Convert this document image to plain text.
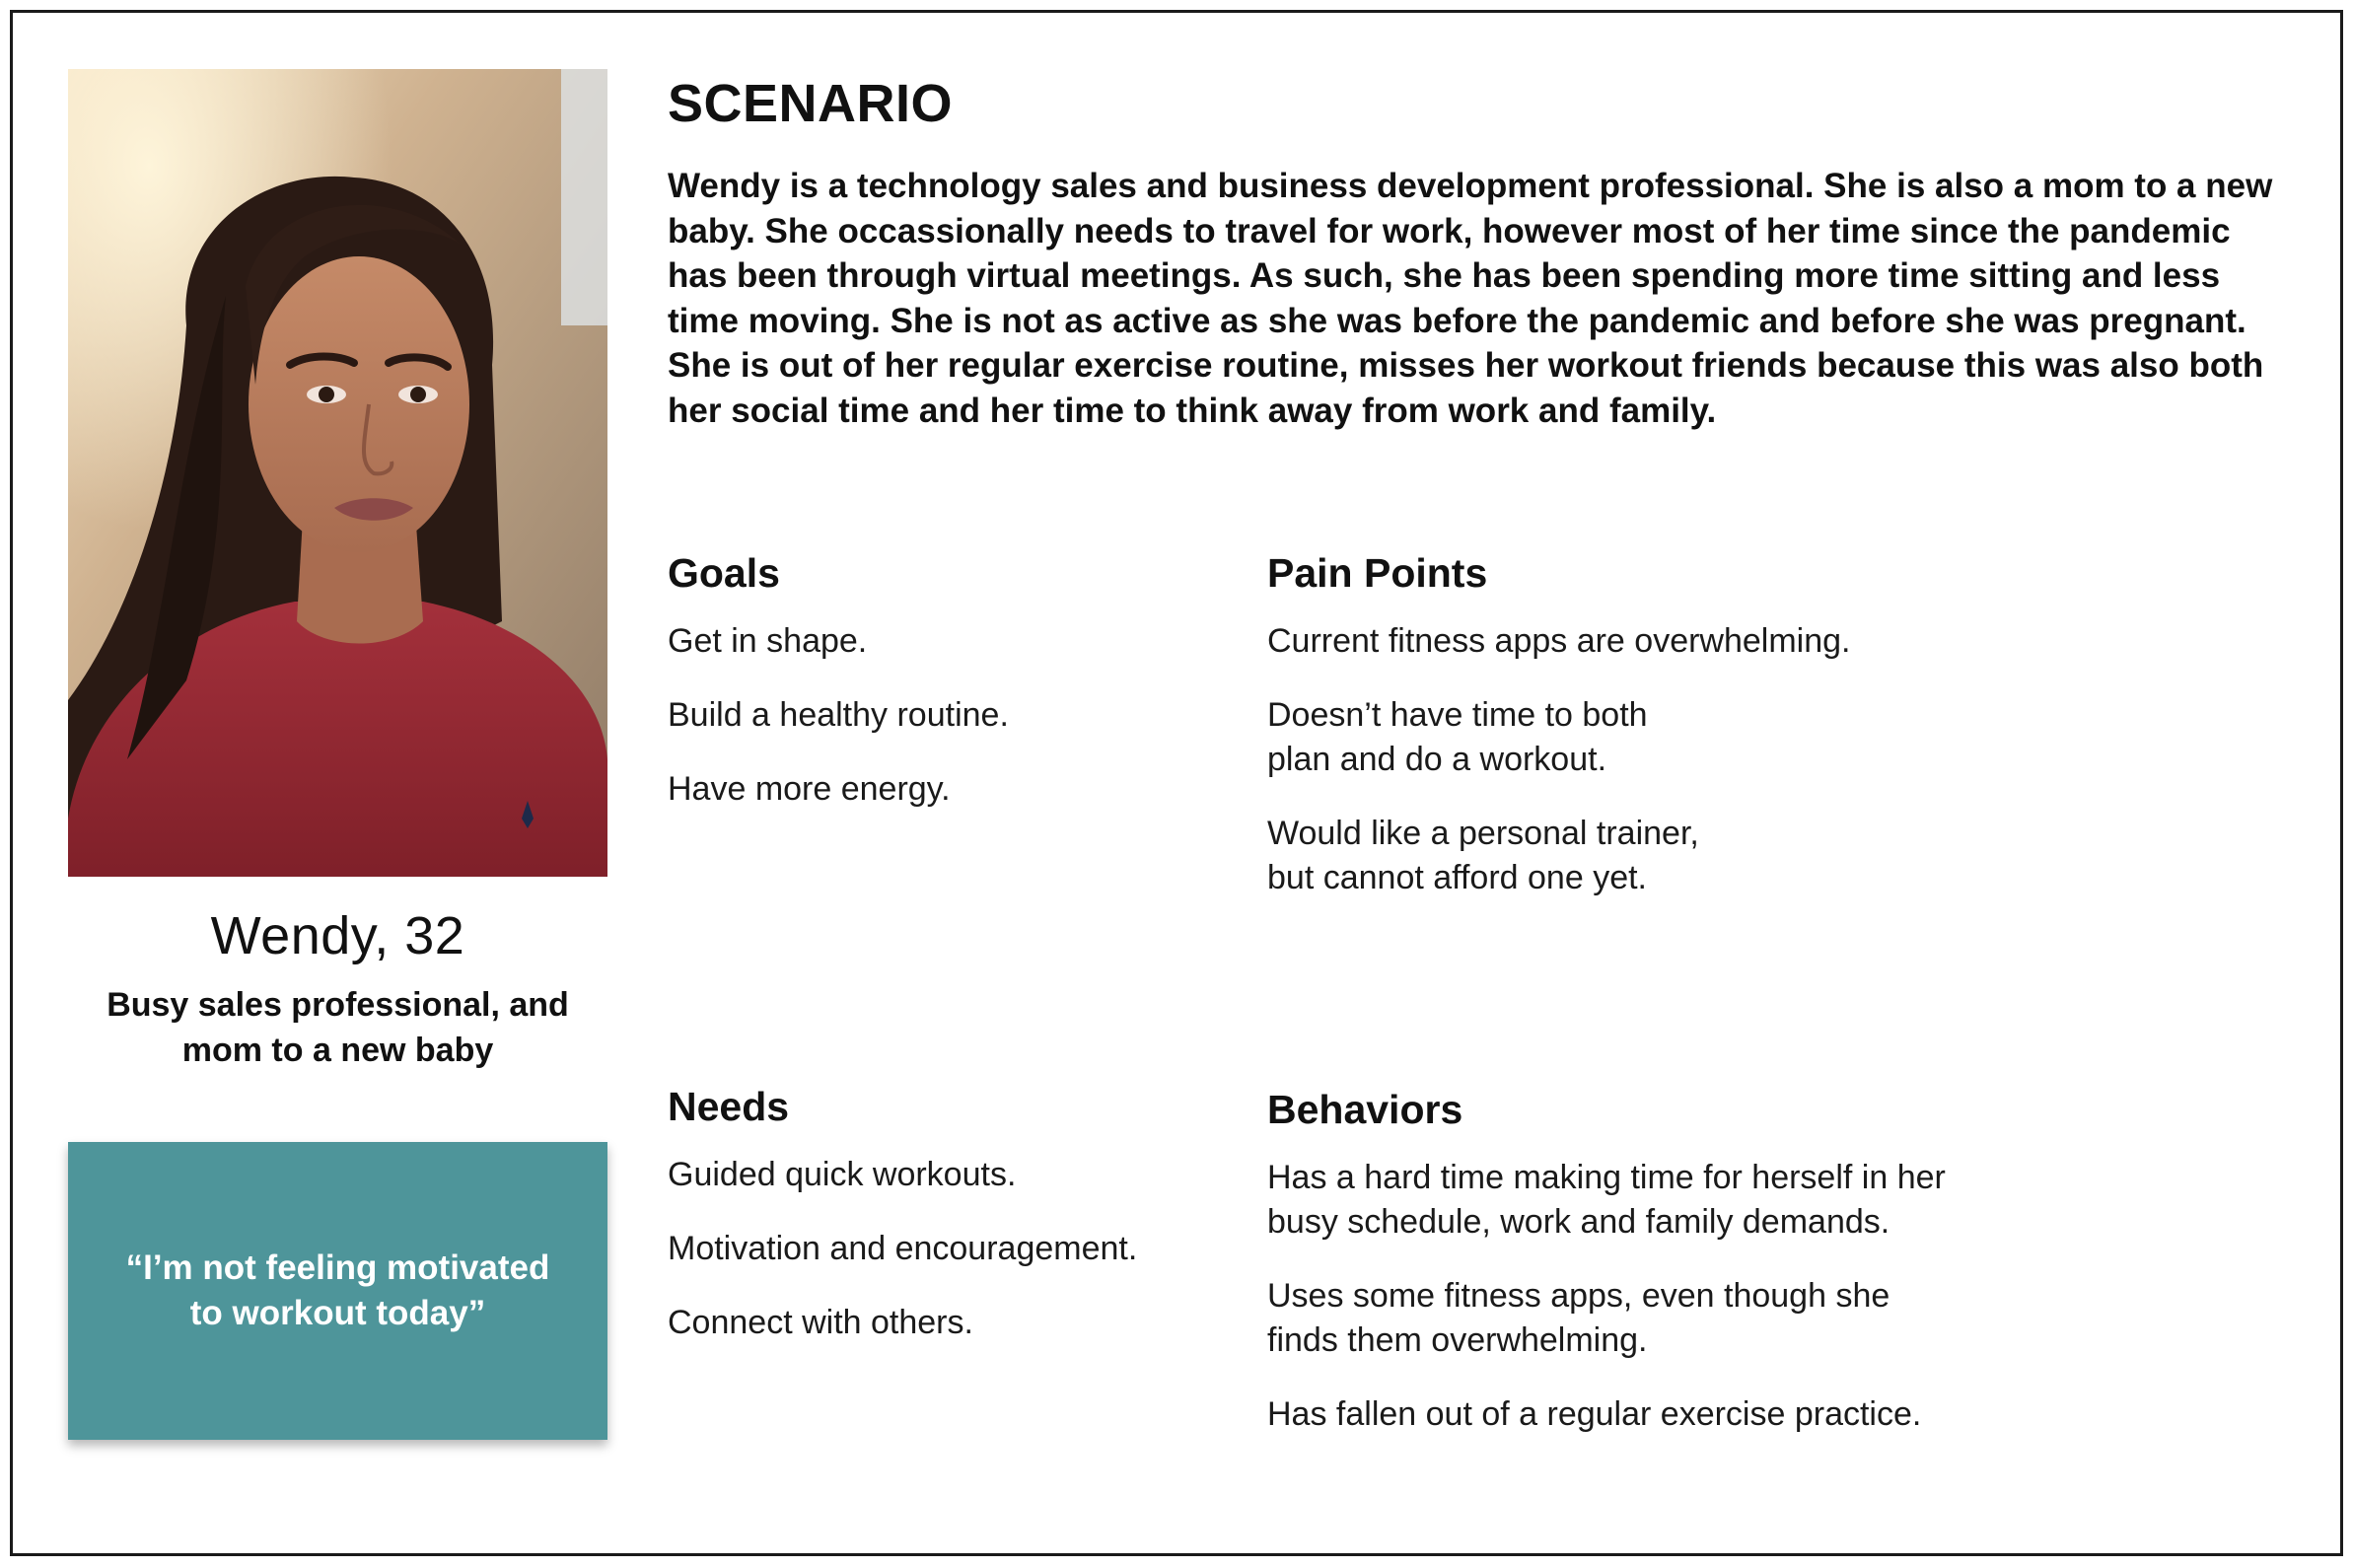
Wendy, 32
Busy sales professional, and mom to a new baby
“I’m not feeling motivated to workout today”
SCENARIO
Wendy is a technology sales and business development professional. She is also a mom to a new baby. She occassionally needs to travel for work, however most of her time since the pandemic has been through virtual meetings. As such, she has been spending more time sitting and less time moving. She is not as active as she was before the pandemic and before she was pregnant. She is out of her regular exercise routine, misses her workout friends because this was also both her social time and her time to think away from work and family.
Goals
Get in shape.
Build a healthy routine.
Have more energy.
Pain Points
Current fitness apps are overwhelming.
Doesn’t have time to both
plan and do a workout.
Would like a personal trainer,
but cannot afford one yet.
Needs
Guided quick workouts.
Motivation and encouragement.
Connect with others.
Behaviors
Has a hard time making time for herself in her
busy schedule, work and family demands.
Uses some fitness apps, even though she
finds them overwhelming.
Has fallen out of a regular exercise practice.
